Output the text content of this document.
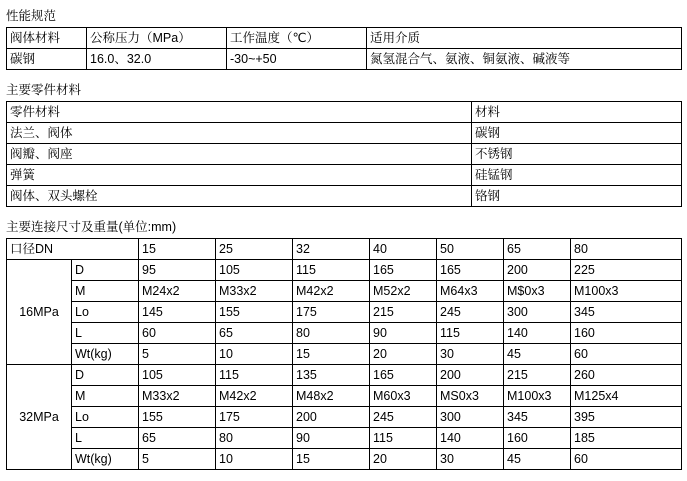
性能规范
阀体材料	公称压力（MPa）	工作温度（℃）	适用介质
碳钢	16.0、32.0	-30~+50	氮氢混合气、氨液、铜氨液、碱液等
主要零件材料
零件材料	材料
法兰、阀体	碳钢
阀瓣、阀座	不锈钢
弹簧	硅锰钢
阀体、双头螺栓	铬钢
主要连接尺寸及重量(单位:mm)
口径DN		15	25	32	40	50	65	80
16MPa	D	95	105	115	165	165	200	225
	M	M24x2	M33x2	M42x2	M52x2	M64x3	M$0x3	M100x3
	Lo	145	155	175	215	245	300	345
	L	60	65	80	90	115	140	160
	Wt(kg)	5	10	15	20	30	45	60
32MPa	D	105	115	135	165	200	215	260
	M	M33x2	M42x2	M48x2	M60x3	MS0x3	M100x3	M125x4
	Lo	155	175	200	245	300	345	395
	L	65	80	90	115	140	160	185
	Wt(kg)	5	10	15	20	30	45	60
